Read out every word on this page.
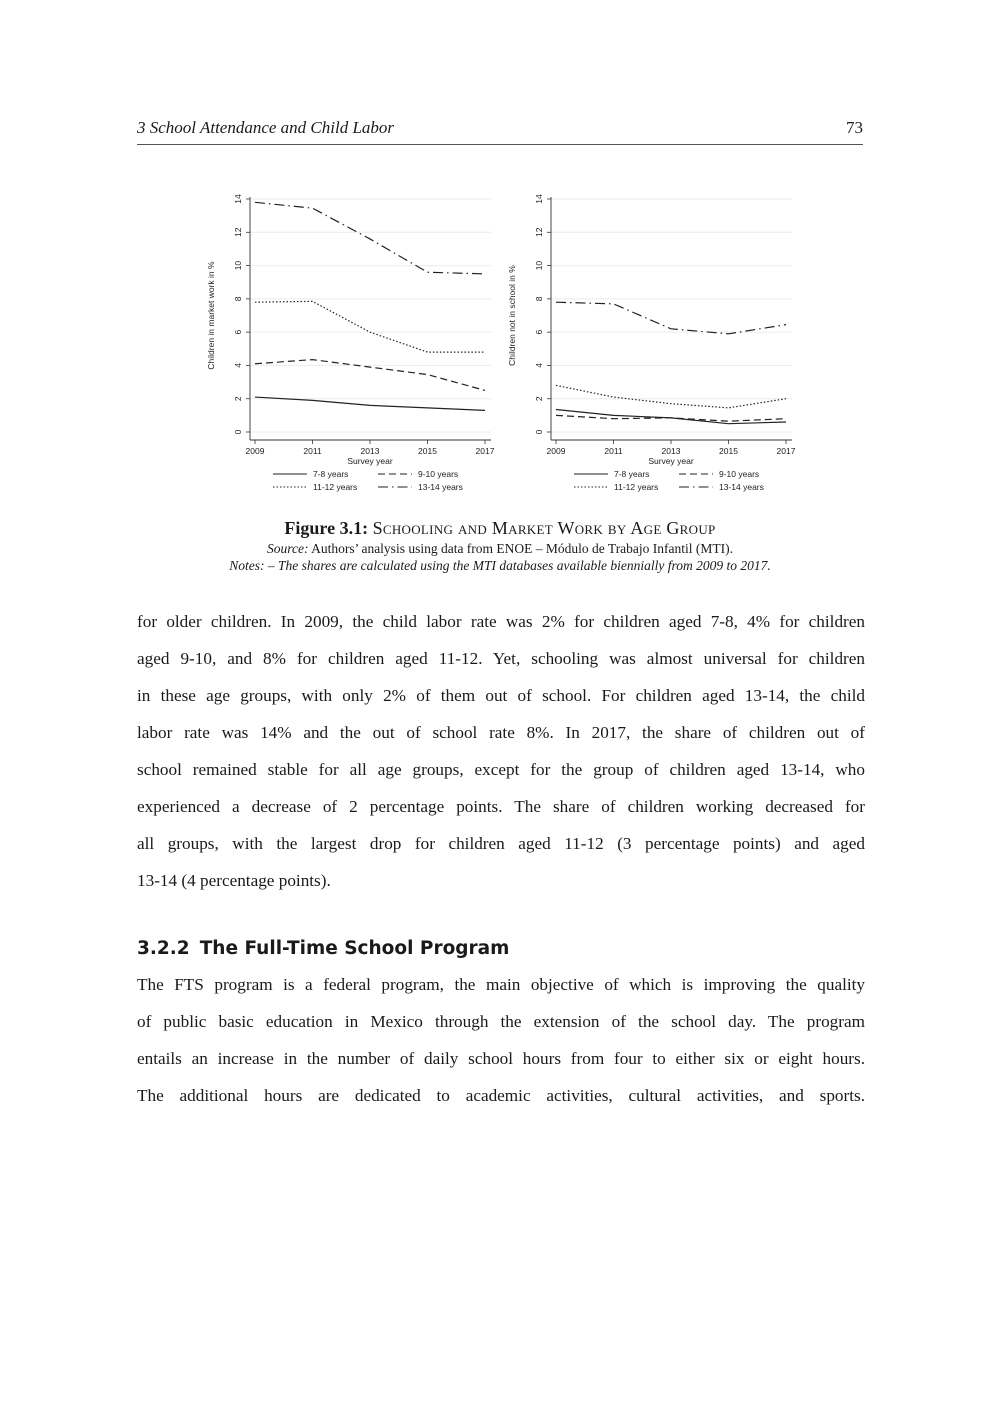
3 School Attendance and Child Labor	73
0
2
4
6
8
10
12
14
2009	2011	2013	2015	2017
Survey year
Children in market work in %
7-8 years	9-10 years
11-12 years	13-14 years
0
2
4
6
8
10
12
14
2009	2011	2013	2015	2017
Survey year
Children not in school in %
7-8 years	9-10 years
11-12 years	13-14 years
Figure 3.1: Schooling and Market Work by Age Group
Source: Authors’ analysis using data from ENOE – Módulo de Trabajo Infantil (MTI).
Notes: – The shares are calculated using the MTI databases available biennially from 2009 to 2017.
for older children. In 2009, the child labor rate was 2% for children aged 7-8, 4% for children
aged 9-10, and 8% for children aged 11-12. Yet, schooling was almost universal for children
in these age groups, with only 2% of them out of school. For children aged 13-14, the child
labor rate was 14% and the out of school rate 8%. In 2017, the share of children out of
school remained stable for all age groups, except for the group of children aged 13-14, who
experienced a decrease of 2 percentage points. The share of children working decreased for
all groups, with the largest drop for children aged 11-12 (3 percentage points) and aged
13-14 (4 percentage points).
3.2.2 The Full-Time School Program
The FTS program is a federal program, the main objective of which is improving the quality
of public basic education in Mexico through the extension of the school day. The program
entails an increase in the number of daily school hours from four to either six or eight hours.
The additional hours are dedicated to academic activities, cultural activities, and sports.
